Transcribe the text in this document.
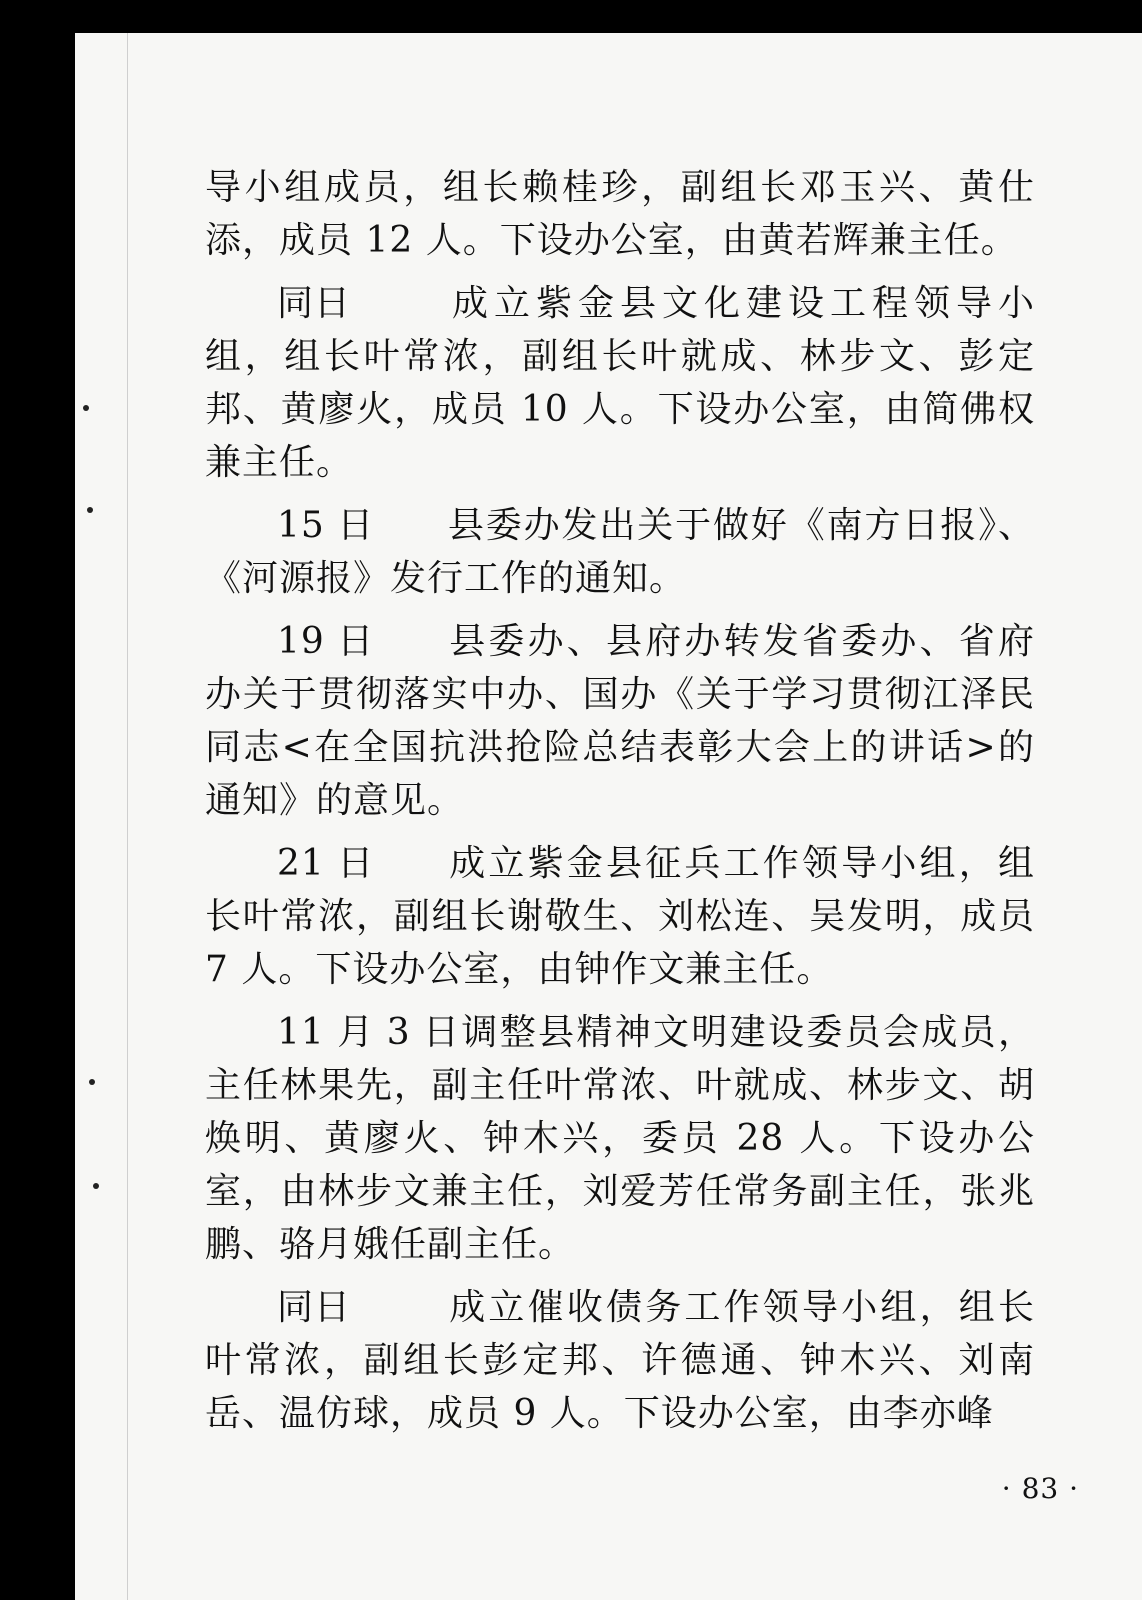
导小组成员，组长赖桂珍，副组长邓玉兴、黄仕添，成员 12 人。下设办公室，由黄若辉兼主任。

同日	成立紫金县文化建设工程领导小组，组长叶常浓，副组长叶就成、林步文、彭定邦、黄廖火，成员 10 人。下设办公室，由简佛权兼主任。

15 日 县委办发出关于做好《南方日报》、《河源报》发行工作的通知。

19 日 县委办、县府办转发省委办、省府办关于贯彻落实中办、国办《关于学习贯彻江泽民同志<在全国抗洪抢险总结表彰大会上的讲话>的通知》的意见。

21 日 成立紫金县征兵工作领导小组，组长叶常浓，副组长谢敬生、刘松连、吴发明，成员 7 人。下设办公室，由钟作文兼主任。

11 月 3 日调整县精神文明建设委员会成员，主任林果先，副主任叶常浓、叶就成、林步文、胡焕明、黄廖火、钟木兴，委员 28 人。下设办公室，由林步文兼主任，刘爱芳任常务副主任，张兆鹏、骆月娥任副主任。

同日	成立催收债务工作领导小组，组长叶常浓，副组长彭定邦、许德通、钟木兴、刘南岳、温仿球，成员 9 人。下设办公室，由李亦峰

· 83 ·
